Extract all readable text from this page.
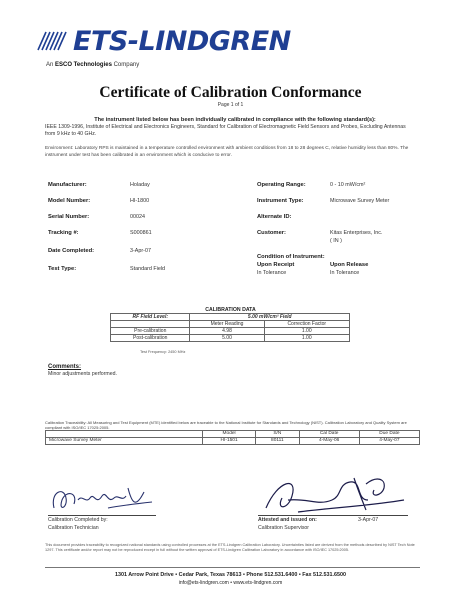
ETS-LINDGREN
An ESCO Technologies Company
Certificate of Calibration Conformance
Page 1 of 1
The instrument listed below has been individually calibrated in compliance with the following standard(s):
IEEE 1309-1996, Institute of Electrical and Electronics Engineers, Standard for Calibration of Electromagnetic Field Sensors and Probes, Excluding Antennas from 9 kHz to 40 GHz.
Environment: Laboratory RPS is maintained in a temperature controlled environment with ambient conditions from 18 to 28 degrees C, relative humidity less than 80%. The instrument under test has been calibrated in an environment which is conducive to error.
Manufacturer:	Holaday
Model Number:	HI-1800
Serial Number:	00024
Tracking #:	S000861
Date Completed:	3-Apr-07
Test Type:	Standard Field
Operating Range:	0 - 10 mW/cm²
Instrument Type:	Microwave Survey Meter
Alternate ID:
Customer:	Kitas Enterprises, Inc.
( IN )
Condition of Instrument:
Upon Receipt
In Tolerance
Upon Release
In Tolerance
CALIBRATION DATA
RF Field Level:	5.00 mW/cm² Field	
	Meter Reading	Correction Factor
Pre-calibration	4.98	1.00
Post-calibration	5.00	1.00
Test Frequency: 2450 MHz
Comments:
Minor adjustments performed.
Calibration Traceability: All Measuring and Test Equipment (MTE) identified below are traceable to the National Institute for Standards and Technology (NIST). Calibration Laboratory and Quality System are compliant with ISO/IEC 17025:2005.
	Model	S/N	Cal Date	Due Date
Microwave Survey Meter	HI-1501	80111	4-May-06	4-May-07
Calibration Completed by:
Calibration Technician
Attested and issued on:
Calibration Supervisor
3-Apr-07
This document provides traceability to recognized national standards using controlled processes at the ETS-Lindgren Calibration Laboratory. Uncertainties listed are derived from the methods described by NIST Tech Note 1297. This certificate and/or report may not be reproduced except in full without the written approval of ETS-Lindgren Calibration Laboratory in accordance with ISO/IEC 17025:2005.
1301 Arrow Point Drive • Cedar Park, Texas 78613 • Phone 512.531.6400 • Fax 512.531.6500
info@ets-lindgren.com • www.ets-lindgren.com
